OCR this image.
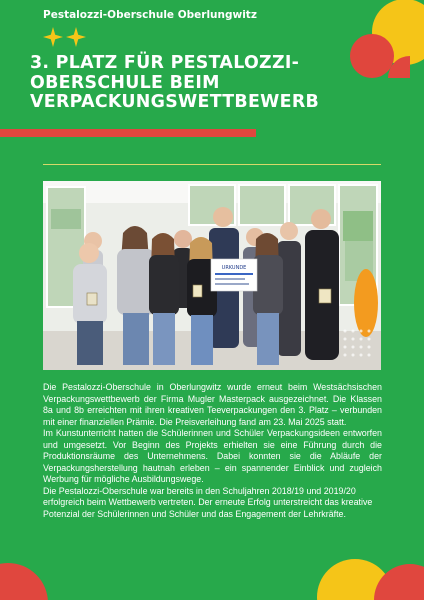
Pestalozzi-Oberschule Oberlungwitz
3. PLATZ FÜR PESTALOZZI-
OBERSCHULE BEIM
VERPACKUNGSWETTBEWERB
URKUNDE

Die Pestalozzi-Oberschule in Oberlungwitz wurde erneut beim Westsächsischen Verpackungswettbewerb der Firma Mugler Masterpack ausgezeichnet. Die Klassen 8a und 8b erreichten mit ihren kreativen Teeverpackungen den 3. Platz – verbunden mit einer finanziellen Prämie. Die Preisverleihung fand am 23. Mai 2025 statt.

Im Kunstunterricht hatten die Schülerinnen und Schüler Verpackungsideen entworfen und umgesetzt. Vor Beginn des Projekts erhielten sie eine Führung durch die Produktionsräume des Unternehmens. Dabei konnten sie die Abläufe der Verpackungsherstellung hautnah erleben – ein spannender Einblick und zugleich Werbung für mögliche Ausbildungswege.

Die Pestalozzi-Oberschule war bereits in den Schuljahren 2018/19 und 2019/20 erfolgreich beim Wettbewerb vertreten. Der erneute Erfolg unterstreicht das kreative Potenzial der Schülerinnen und Schüler und das Engagement der Lehrkräfte.
